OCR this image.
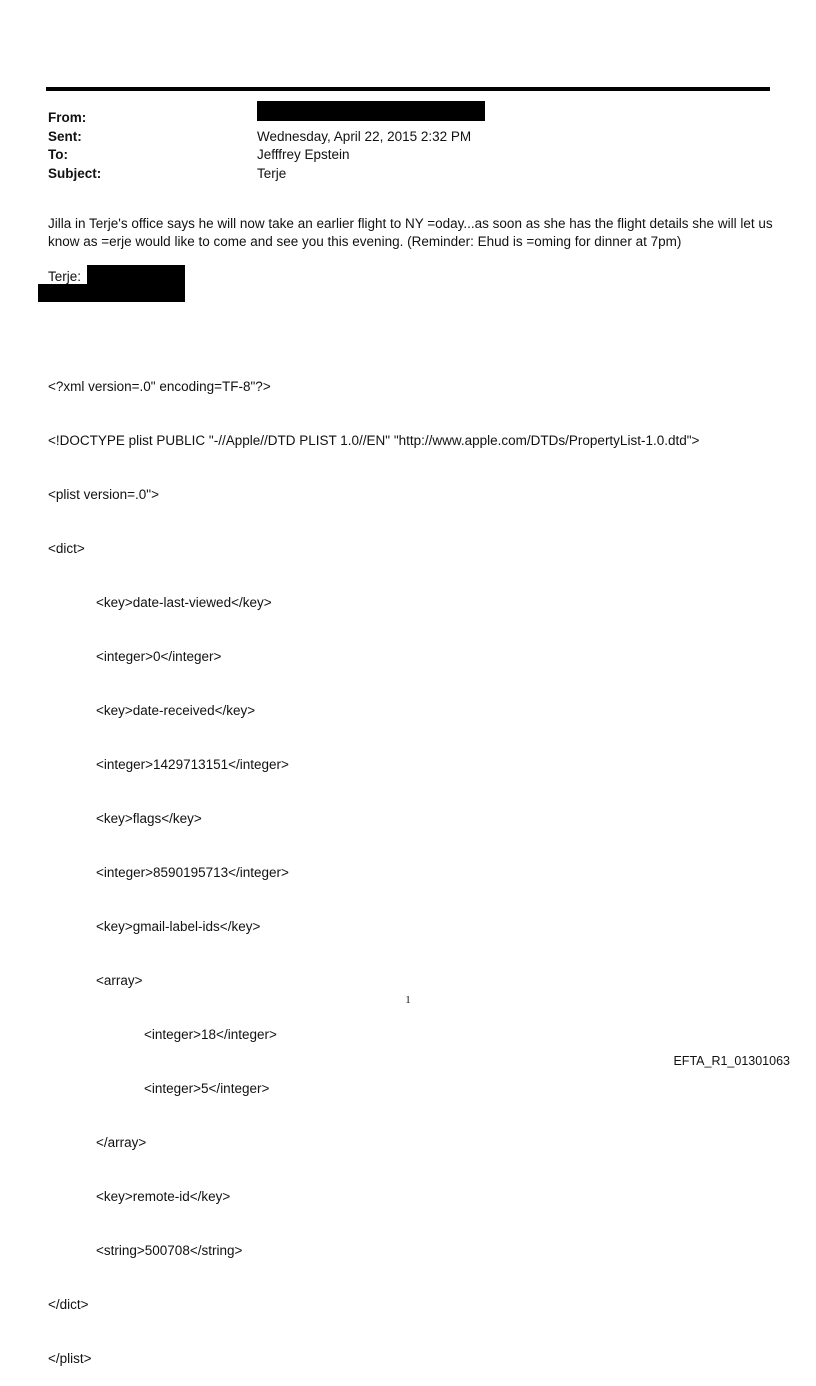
From:
Sent:	Wednesday, April 22, 2015 2:32 PM
To:	Jefffrey Epstein
Subject:	Terje
Jilla in Terje's office says he will now take an earlier flight to NY =oday...as soon as she has the flight details she will let us know as =erje would like to come and see you this evening. (Reminder: Ehud is =oming for dinner at 7pm)
Terje:

<?xml version=.0" encoding=TF-8"?>

<!DOCTYPE plist PUBLIC "-//Apple//DTD PLIST 1.0//EN" "http://www.apple.com/DTDs/PropertyList-1.0.dtd">

<plist version=.0">

<dict>

<key>date-last-viewed</key>

<integer>0</integer>

<key>date-received</key>

<integer>1429713151</integer>

<key>flags</key>

<integer>8590195713</integer>

<key>gmail-label-ids</key>

<array>

<integer>18</integer>

<integer>5</integer>

</array>

<key>remote-id</key>

<string>500708</string>

</dict>

</plist>

1
EFTA_R1_01301063
